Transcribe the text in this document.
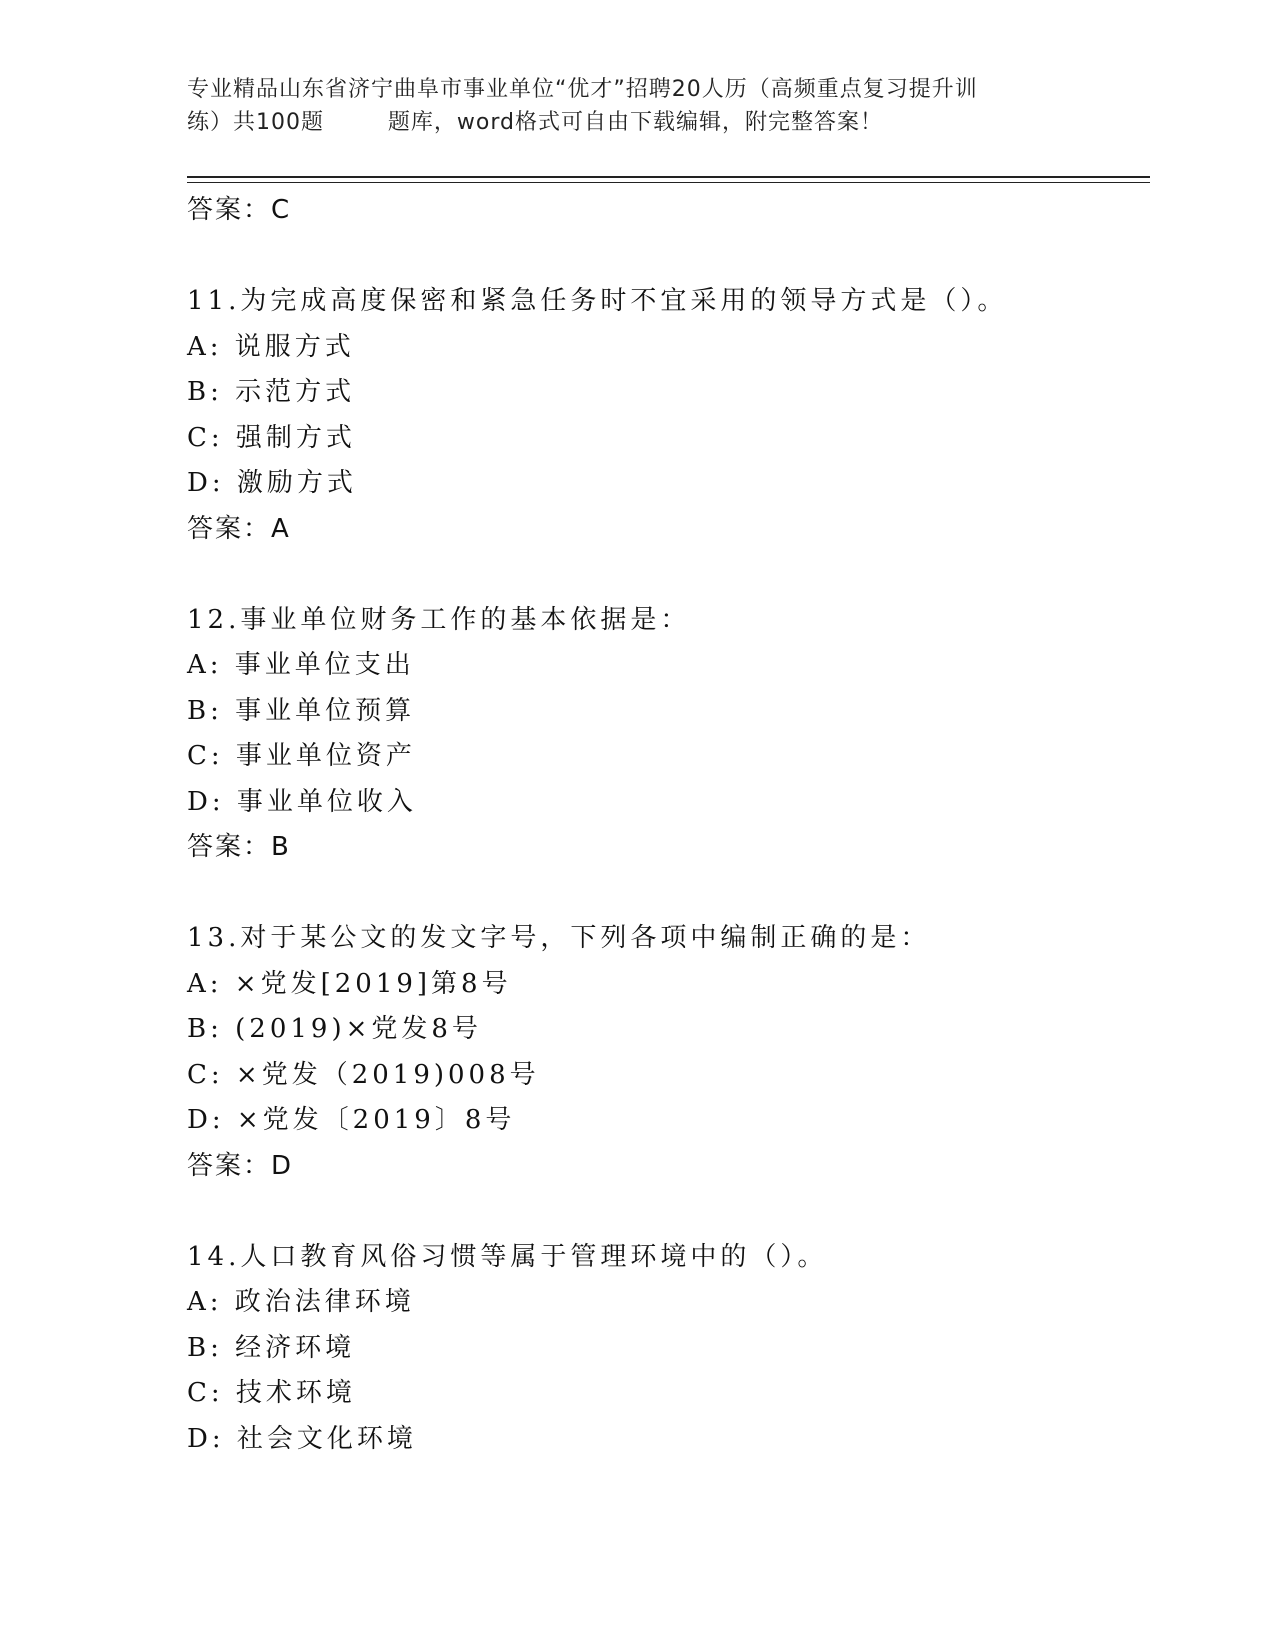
专业精品山东省济宁曲阜市事业单位“优才”招聘20人历（高频重点复习提升训
练）共100题        题库，word格式可自由下载编辑，附完整答案！
答案：C
11.为完成高度保密和紧急任务时不宜采用的领导方式是（）。
A: 说服方式
B: 示范方式
C: 强制方式
D: 激励方式
答案：A
12.事业单位财务工作的基本依据是：
A: 事业单位支出
B: 事业单位预算
C: 事业单位资产
D: 事业单位收入
答案：B
13.对于某公文的发文字号，下列各项中编制正确的是：
A: ×党发[2019]第8号
B: (2019)×党发8号
C: ×党发（2019)008号
D: ×党发〔2019〕8号
答案：D
14.人口教育风俗习惯等属于管理环境中的（）。
A: 政治法律环境
B: 经济环境
C: 技术环境
D: 社会文化环境
